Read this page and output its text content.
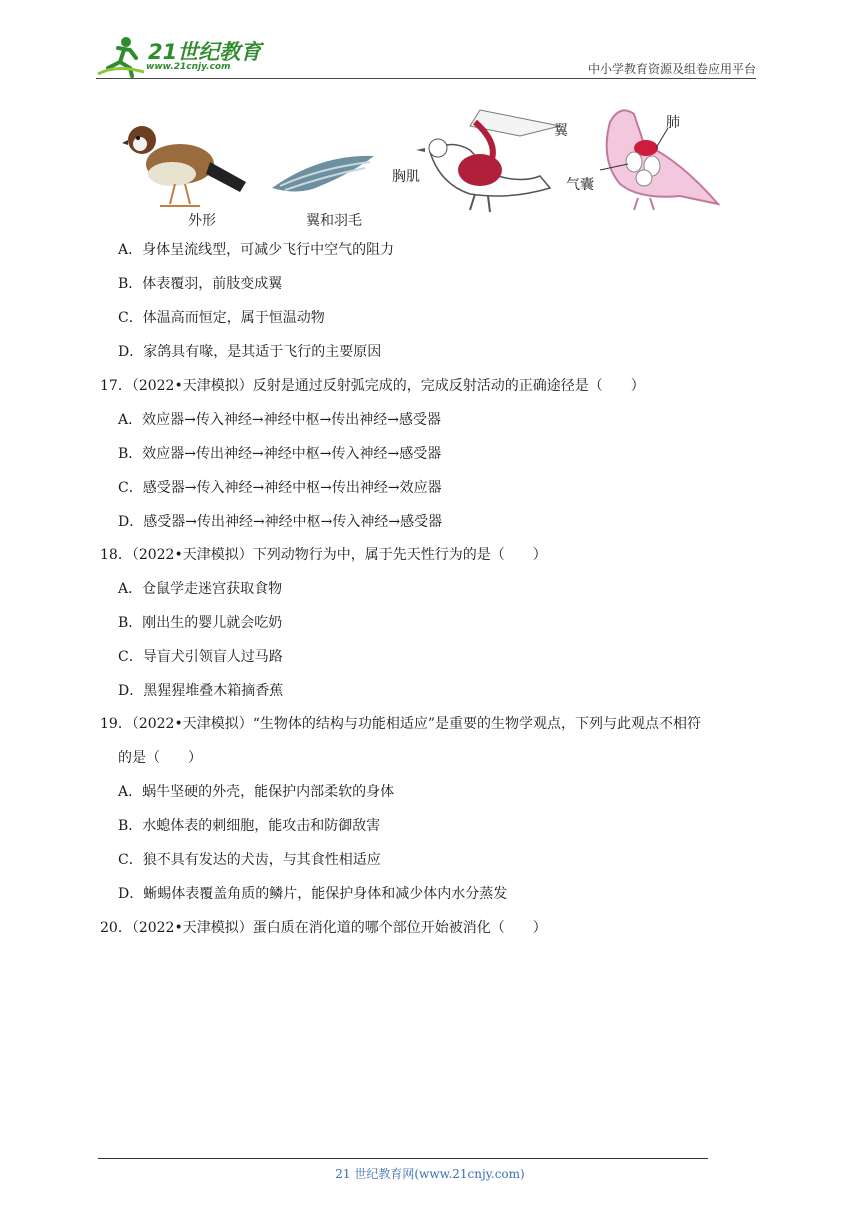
21世纪教育
www.21cnjy.com	中小学教育资源及组卷应用平台
外形	翼和羽毛
胸肌
翼	肺
气囊
A．身体呈流线型，可减少飞行中空气的阻力
B．体表覆羽，前肢变成翼
C．体温高而恒定，属于恒温动物
D．家鸽具有喙，是其适于飞行的主要原因
17．（2022•天津模拟）反射是通过反射弧完成的，完成反射活动的正确途径是（　　）
A．效应器→传入神经→神经中枢→传出神经→感受器
B．效应器→传出神经→神经中枢→传入神经→感受器
C．感受器→传入神经→神经中枢→传出神经→效应器
D．感受器→传出神经→神经中枢→传入神经→感受器
18．（2022•天津模拟）下列动物行为中，属于先天性行为的是（　　）
A．仓鼠学走迷宫获取食物
B．刚出生的婴儿就会吃奶
C．导盲犬引领盲人过马路
D．黑猩猩堆叠木箱摘香蕉
19．（2022•天津模拟）“生物体的结构与功能相适应”是重要的生物学观点，下列与此观点不相符
的是（　　）
A．蜗牛坚硬的外壳，能保护内部柔软的身体
B．水螅体表的刺细胞，能攻击和防御敌害
C．狼不具有发达的犬齿，与其食性相适应
D．蜥蜴体表覆盖角质的鳞片，能保护身体和减少体内水分蒸发
20．（2022•天津模拟）蛋白质在消化道的哪个部位开始被消化（　　）
21 世纪教育网(www.21cnjy.com)
